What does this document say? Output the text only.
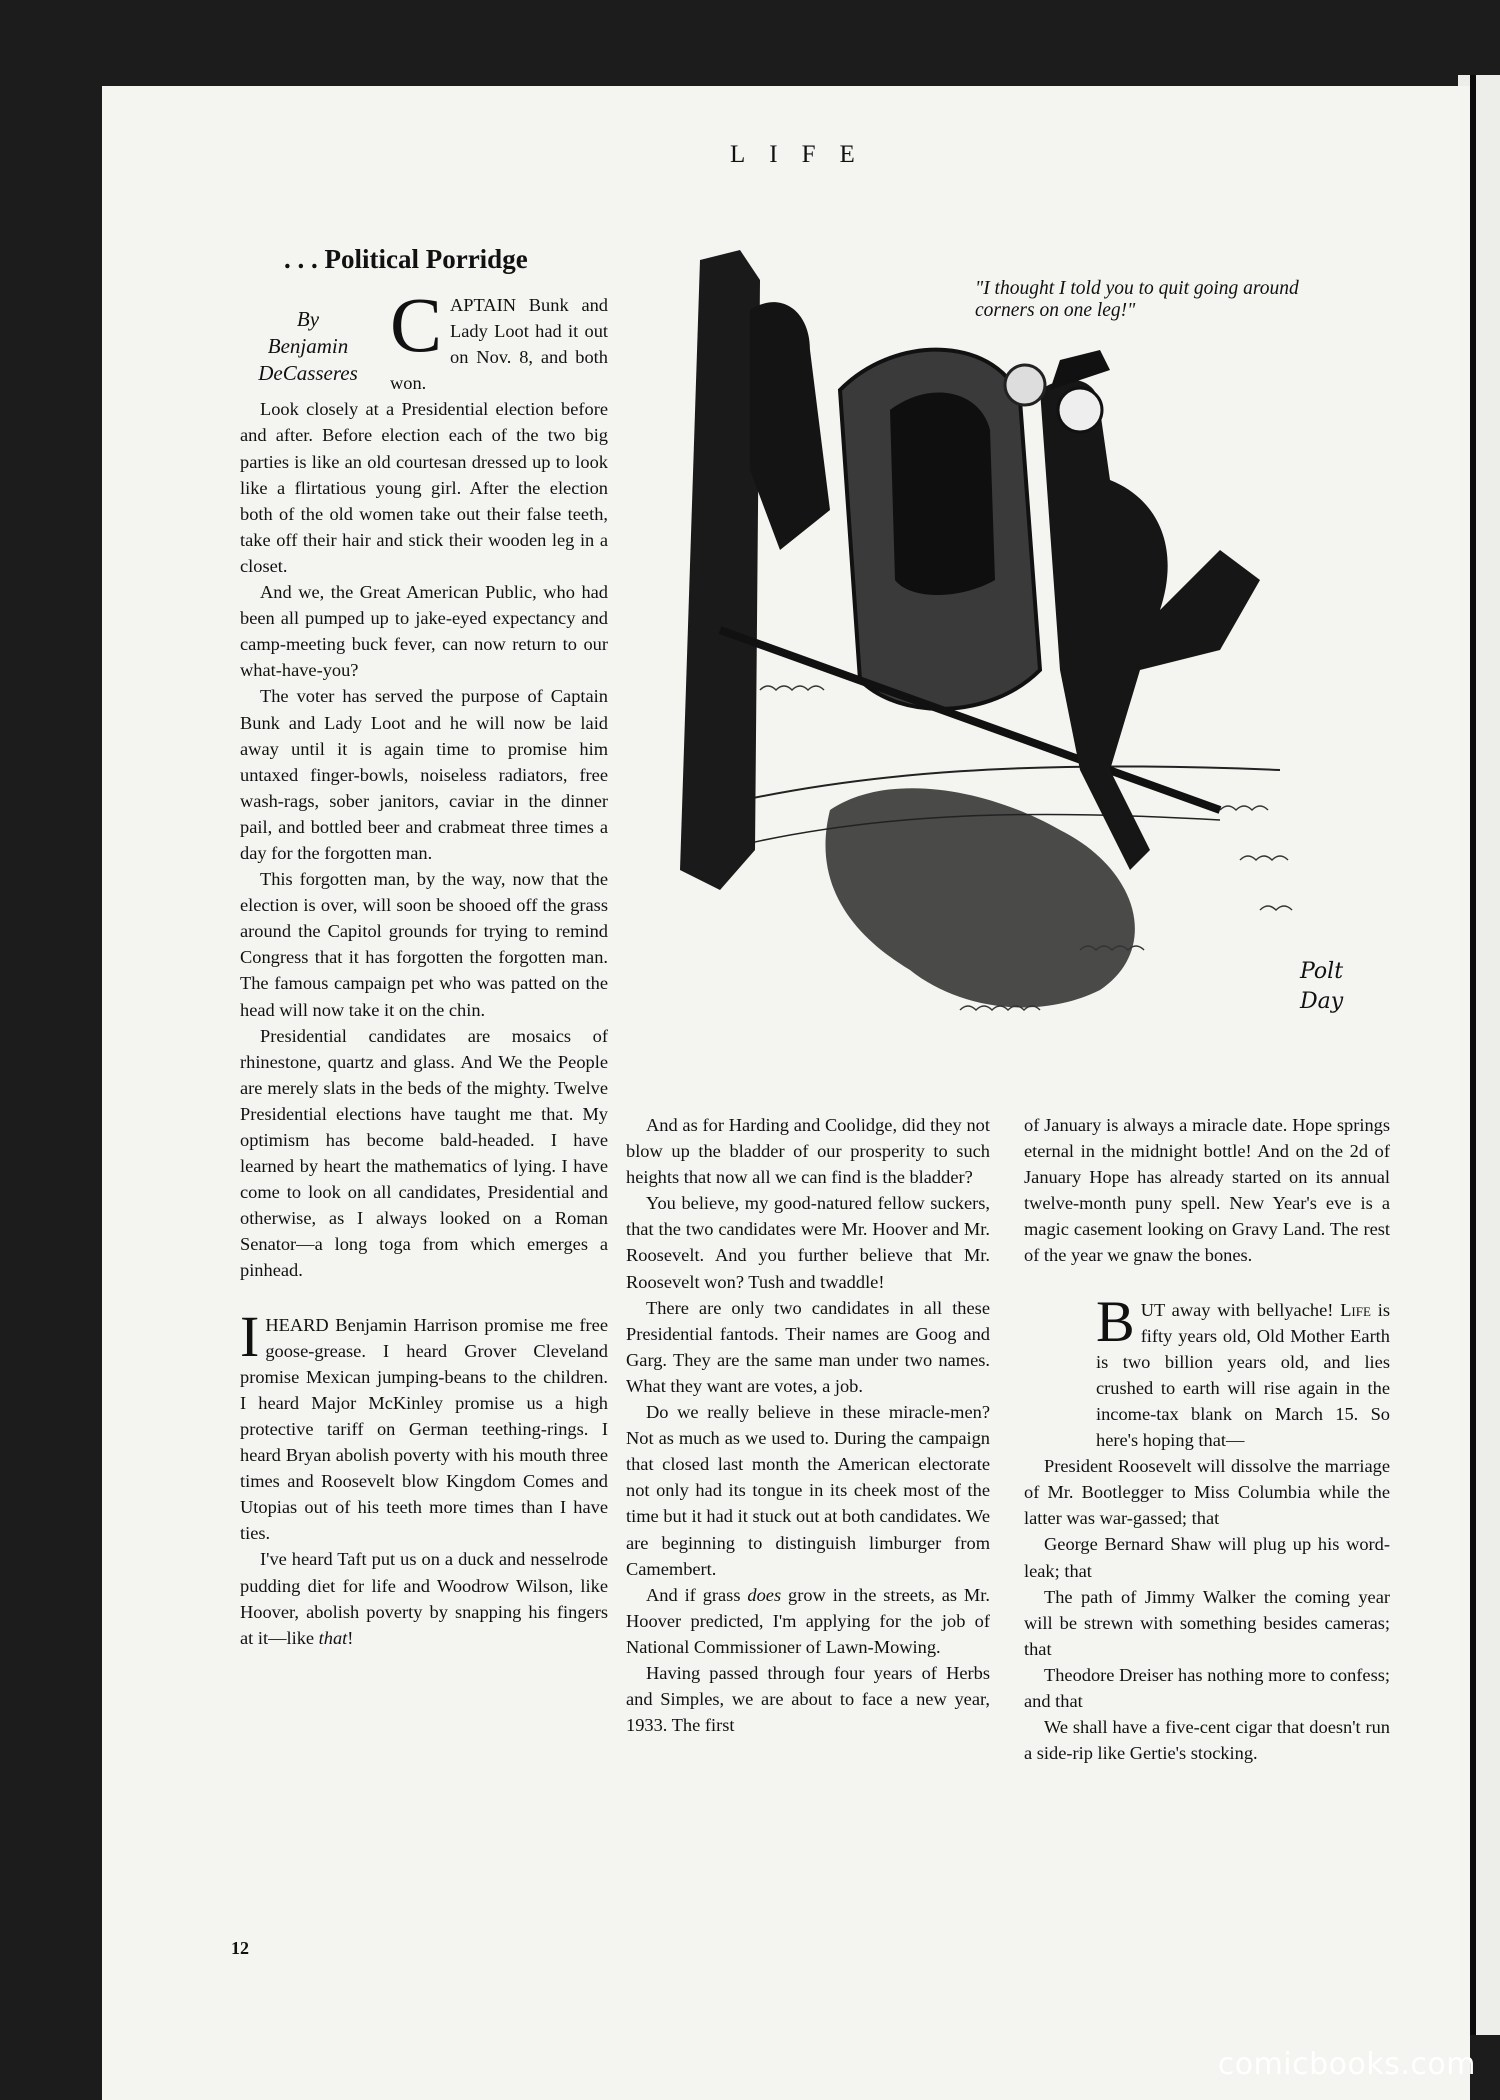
LIFE
. . . Political Porridge
By
Benjamin
DeCasseres

CAPTAIN Bunk and Lady Loot had it out on Nov. 8, and both won.

Look closely at a Presidential election before and after. Before election each of the two big parties is like an old courtesan dressed up to look like a flirtatious young girl. After the election both of the old women take out their false teeth, take off their hair and stick their wooden leg in a closet.

And we, the Great American Public, who had been all pumped up to jake-eyed expectancy and camp-meeting buck fever, can now return to our what-have-you?

The voter has served the purpose of Captain Bunk and Lady Loot and he will now be laid away until it is again time to promise him untaxed finger-bowls, noiseless radiators, free wash-rags, sober janitors, caviar in the dinner pail, and bottled beer and crabmeat three times a day for the forgotten man.

This forgotten man, by the way, now that the election is over, will soon be shooed off the grass around the Capitol grounds for trying to remind Congress that it has forgotten the forgotten man. The famous campaign pet who was patted on the head will now take it on the chin.

Presidential candidates are mosaics of rhinestone, quartz and glass. And We the People are merely slats in the beds of the mighty. Twelve Presidential elections have taught me that. My optimism has become bald-headed. I have learned by heart the mathematics of lying. I have come to look on all candidates, Presidential and otherwise, as I always looked on a Roman Senator—a long toga from which emerges a pinhead.

IHEARD Benjamin Harrison promise me free goose-grease. I heard Grover Cleveland promise Mexican jumping-beans to the children. I heard Major McKinley promise us a high protective tariff on German teething-rings. I heard Bryan abolish poverty with his mouth three times and Roosevelt blow Kingdom Comes and Utopias out of his teeth more times than I have ties.

I've heard Taft put us on a duck and nesselrode pudding diet for life and Woodrow Wilson, like Hoover, abolish poverty by snapping his fingers at it—like that!

Polt
Day
"I thought I told you to quit going around corners on one leg!"

And as for Harding and Coolidge, did they not blow up the bladder of our prosperity to such heights that now all we can find is the bladder?

You believe, my good-natured fellow suckers, that the two candidates were Mr. Hoover and Mr. Roosevelt. And you further believe that Mr. Roosevelt won? Tush and twaddle!

There are only two candidates in all these Presidential fantods. Their names are Goog and Garg. They are the same man under two names. What they want are votes, a job.

Do we really believe in these miracle-men? Not as much as we used to. During the campaign that closed last month the American electorate not only had its tongue in its cheek most of the time but it had it stuck out at both candidates. We are beginning to distinguish limburger from Camembert.

And if grass does grow in the streets, as Mr. Hoover predicted, I'm applying for the job of National Commissioner of Lawn-Mowing.

Having passed through four years of Herbs and Simples, we are about to face a new year, 1933. The first

of January is always a miracle date. Hope springs eternal in the midnight bottle! And on the 2d of January Hope has already started on its annual twelve-month puny spell. New Year's eve is a magic casement looking on Gravy Land. The rest of the year we gnaw the bones.

BUT away with bellyache! Life is fifty years old, Old Mother Earth is two billion years old, and lies crushed to earth will rise again in the income-tax blank on March 15. So here's hoping that—

President Roosevelt will dissolve the marriage of Mr. Bootlegger to Miss Columbia while the latter was war-gassed; that

George Bernard Shaw will plug up his word-leak; that

The path of Jimmy Walker the coming year will be strewn with something besides cameras; that

Theodore Dreiser has nothing more to confess; and that

We shall have a five-cent cigar that doesn't run a side-rip like Gertie's stocking.

12
comicbooks.com
